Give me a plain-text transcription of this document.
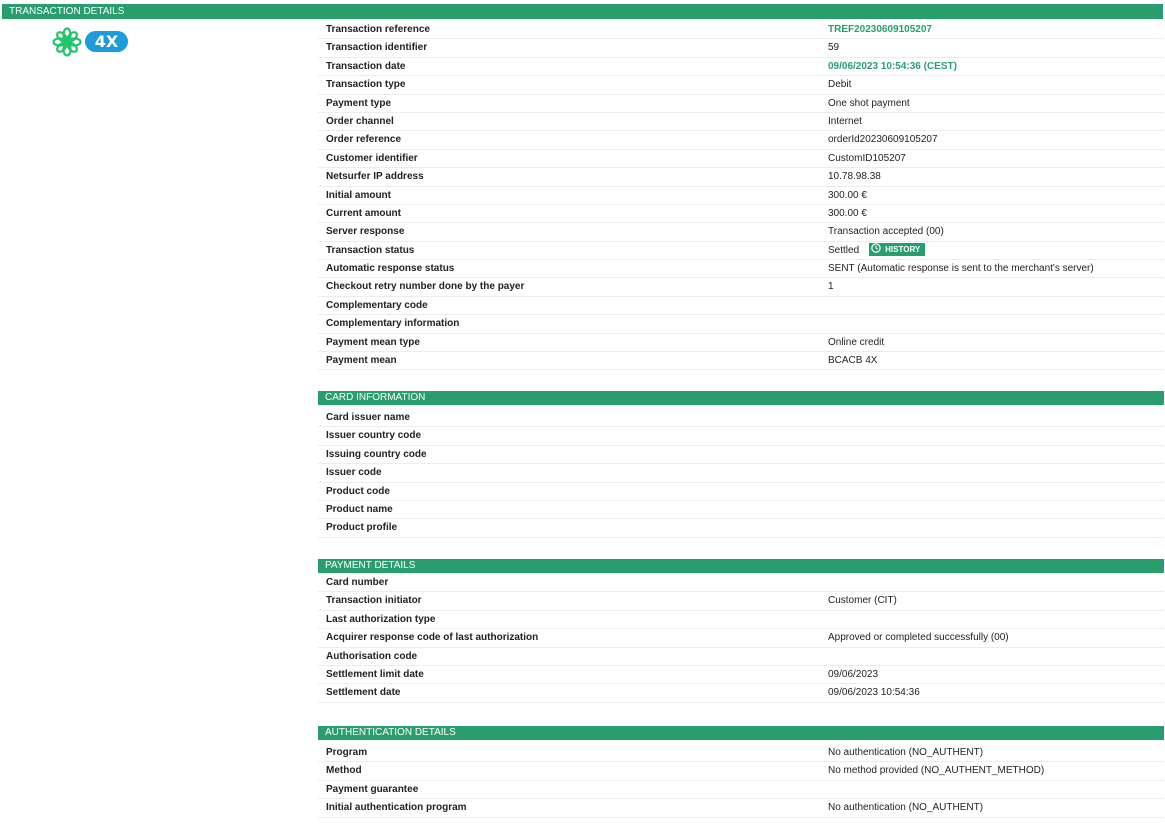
TRANSACTION DETAILS
4X
Transaction reference	TREF20230609105207
Transaction identifier	59
Transaction date	09/06/2023 10:54:36 (CEST)
Transaction type	Debit
Payment type	One shot payment
Order channel	Internet
Order reference	orderId20230609105207
Customer identifier	CustomID105207
Netsurfer IP address	10.78.98.38
Initial amount	300.00 €
Current amount	300.00 €
Server response	Transaction accepted (00)
Transaction status	Settled	HISTORY
Automatic response status	SENT (Automatic response is sent to the merchant's server)
Checkout retry number done by the payer	1
Complementary code
Complementary information
Payment mean type	Online credit
Payment mean	BCACB 4X
CARD INFORMATION
Card issuer name
Issuer country code
Issuing country code
Issuer code
Product code
Product name
Product profile
PAYMENT DETAILS
Card number
Transaction initiator	Customer (CIT)
Last authorization type
Acquirer response code of last authorization	Approved or completed successfully (00)
Authorisation code
Settlement limit date	09/06/2023
Settlement date	09/06/2023 10:54:36
AUTHENTICATION DETAILS
Program	No authentication (NO_AUTHENT)
Method	No method provided (NO_AUTHENT_METHOD)
Payment guarantee
Initial authentication program	No authentication (NO_AUTHENT)
